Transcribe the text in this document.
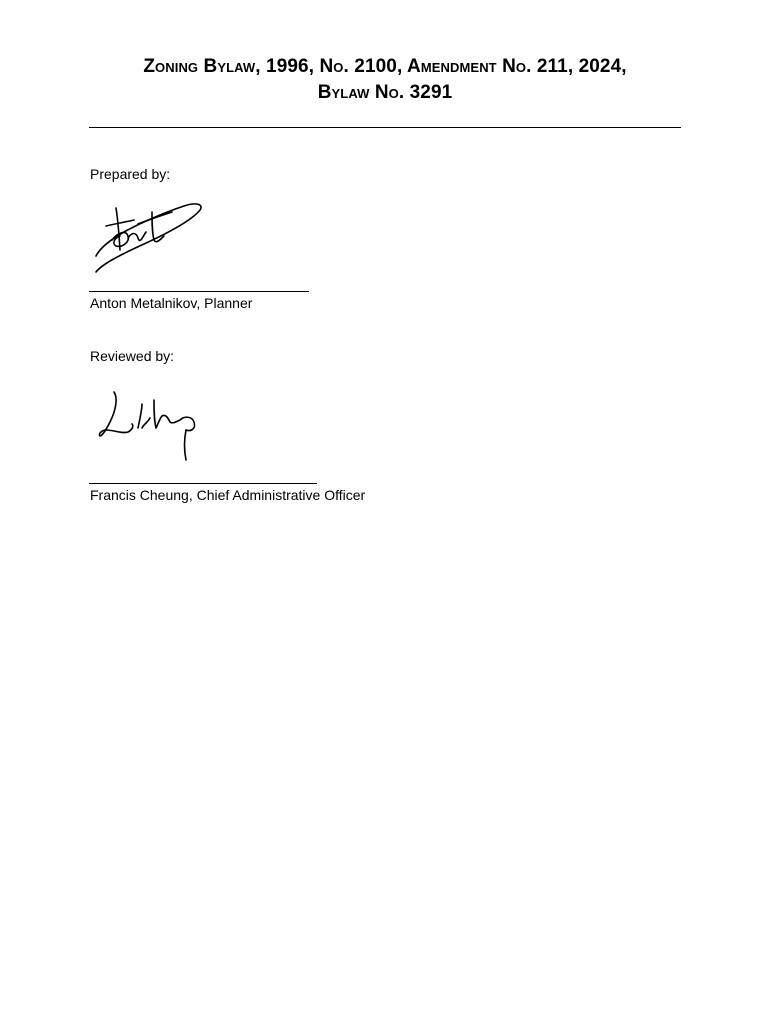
Zoning Bylaw, 1996, No. 2100, Amendment No. 211, 2024,
Bylaw No. 3291
Prepared by:
Anton Metalnikov, Planner
Reviewed by:
Francis Cheung, Chief Administrative Officer
